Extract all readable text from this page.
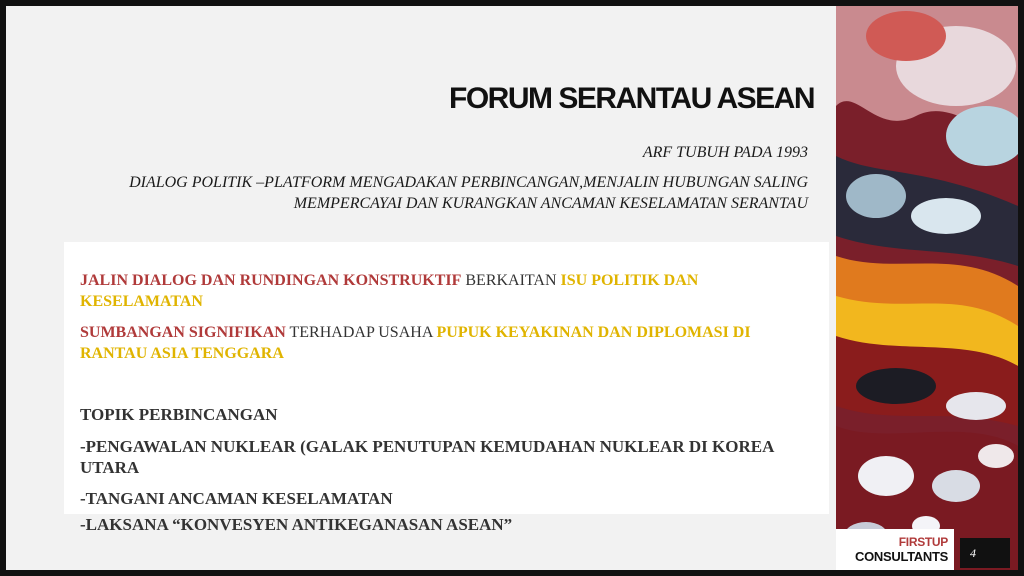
FORUM SERANTAU ASEAN
ARF TUBUH PADA 1993
DIALOG POLITIK –PLATFORM MENGADAKAN PERBINCANGAN,MENJALIN HUBUNGAN SALING MEMPERCAYAI DAN KURANGKAN ANCAMAN KESELAMATAN SERANTAU
JALIN DIALOG DAN RUNDINGAN KONSTRUKTIF BERKAITAN ISU POLITIK DAN KESELAMATAN
SUMBANGAN SIGNIFIKAN TERHADAP USAHA PUPUK KEYAKINAN DAN DIPLOMASI DI RANTAU ASIA TENGGARA
TOPIK PERBINCANGAN
-PENGAWALAN NUKLEAR (GALAK PENUTUPAN KEMUDAHAN NUKLEAR DI KOREA UTARA
-TANGANI ANCAMAN KESELAMATAN
-LAKSANA “KONVESYEN ANTIKEGANASAN ASEAN”
FIRSTUP
CONSULTANTS	4
